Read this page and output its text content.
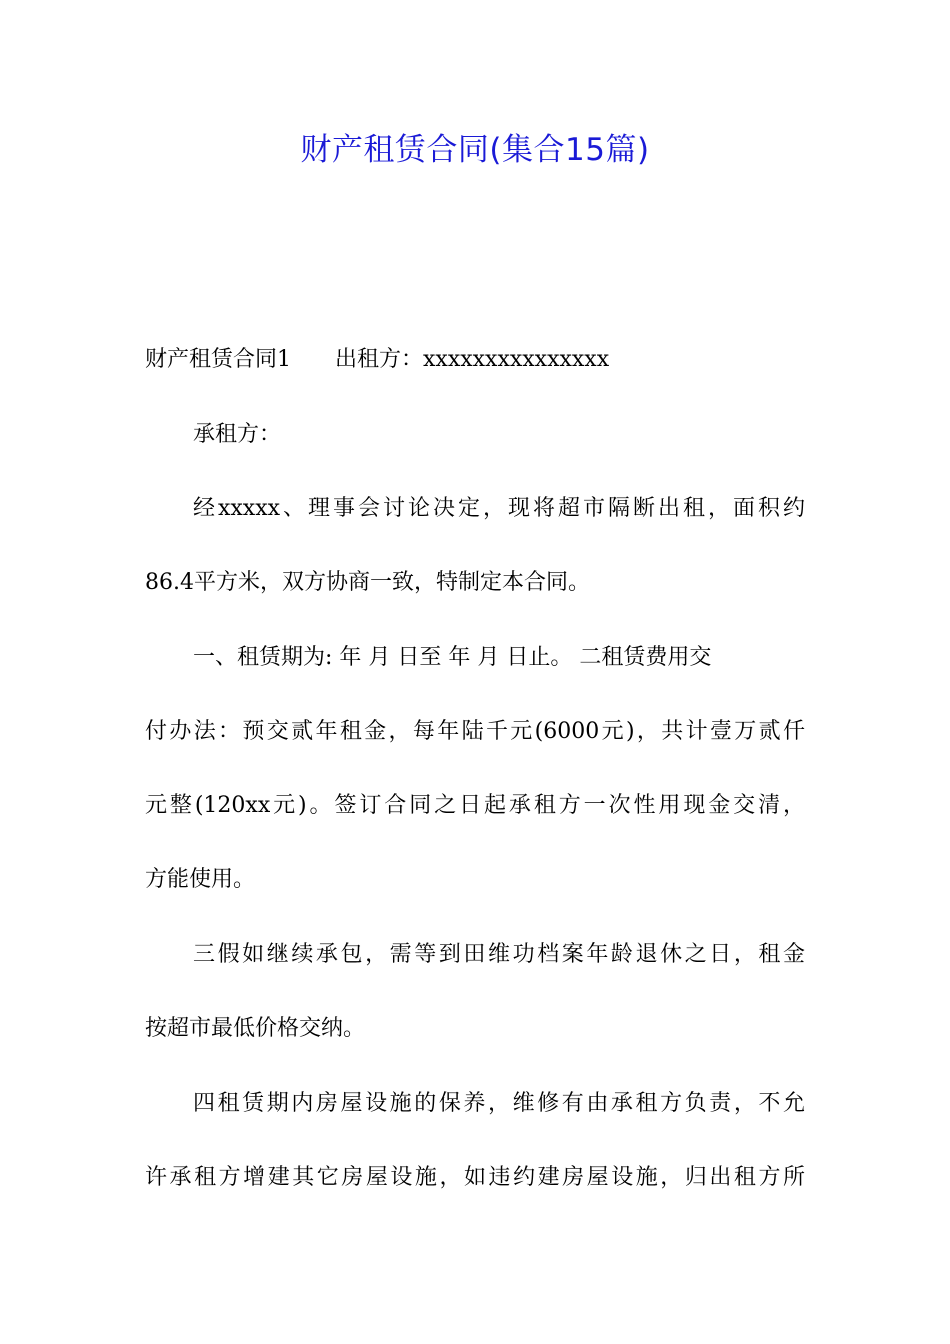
财产租赁合同(集合15篇)
财产租赁合同1 出租方：xxxxxxxxxxxxxxx
承租方：
经xxxxx、理事会讨论决定，现将超市隔断出租，面积约
86.4平方米，双方协商一致，特制定本合同。
一、租赁期为: 年 月 日至 年 月 日止。 二租赁费用交
付办法：预交贰年租金，每年陆千元(6000元)，共计壹万贰仟
元整(120xx元)。签订合同之日起承租方一次性用现金交清，
方能使用。
三假如继续承包，需等到田维功档案年龄退休之日，租金
按超市最低价格交纳。
四租赁期内房屋设施的保养，维修有由承租方负责，不允
许承租方增建其它房屋设施，如违约建房屋设施，归出租方所
